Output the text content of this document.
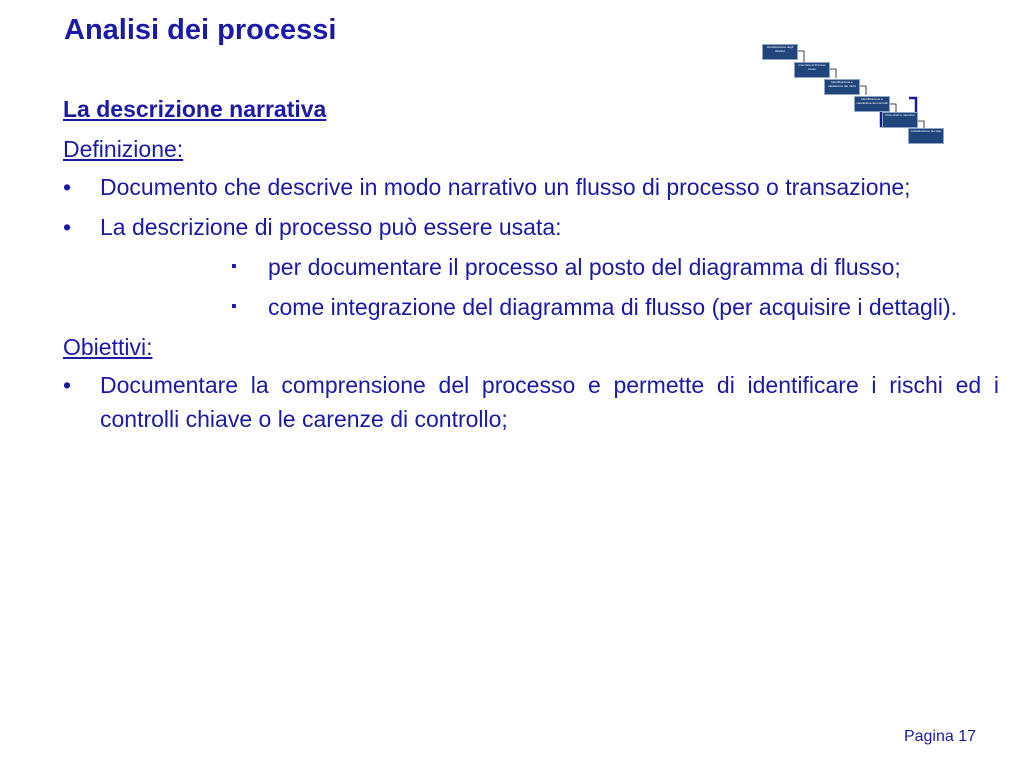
Analisi dei processi
Identificazione degli obiettivi
Intervista ai Process owner
Identificazione e valutazione dei rischi
Identificazione e valutazione dei controlli
Flow-chart e narrative
Individuazione dei Gap
La descrizione narrativa
Definizione:
• Documento che descrive in modo narrativo un flusso di processo o transazione;
• La descrizione di processo può essere usata:
▪ per documentare il processo al posto del diagramma di flusso;
▪ come integrazione del diagramma di flusso (per acquisire i dettagli).
Obiettivi:
• Documentare la comprensione del processo e permette di identificare i rischi ed i controlli chiave o le carenze di controllo;
Pagina 17
